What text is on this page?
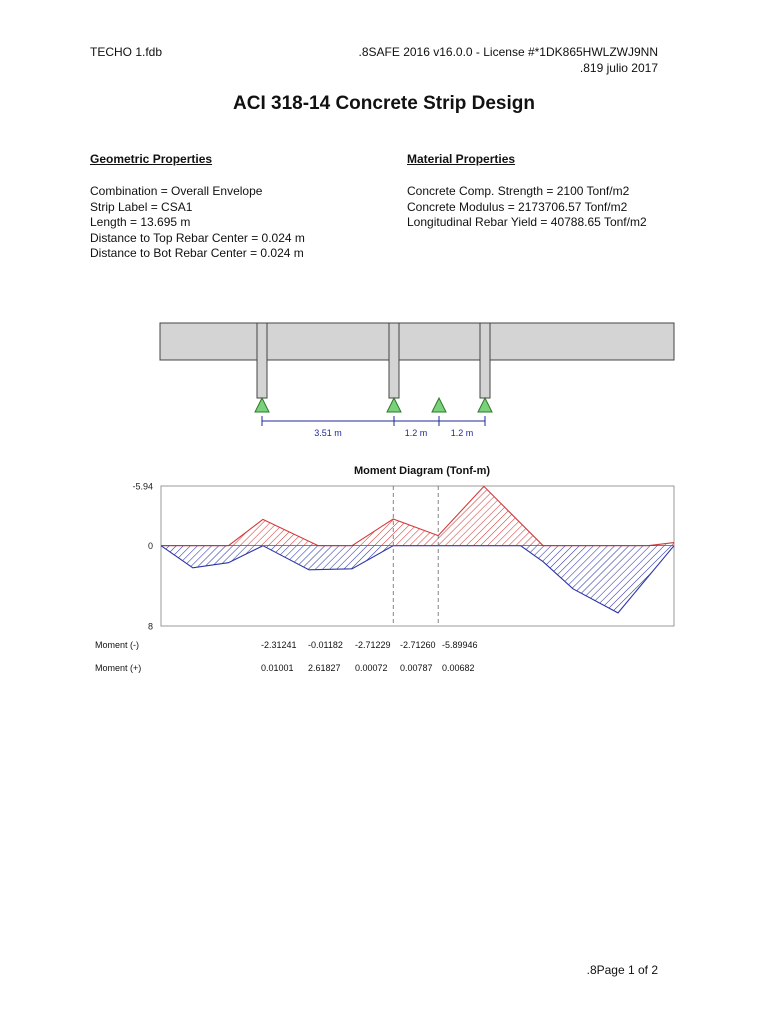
TECHO 1.fdb	.8SAFE 2016 v16.0.0 - License #*1DK865HWLZWJ9NN
.819 julio 2017
ACI 318-14 Concrete Strip Design
Geometric Properties
Combination = Overall Envelope
Strip Label = CSA1
Length = 13.695 m
Distance to Top Rebar Center = 0.024 m
Distance to Bot Rebar Center = 0.024 m
Material Properties
Concrete Comp. Strength = 2100 Tonf/m2
Concrete Modulus = 2173706.57 Tonf/m2
Longitudinal Rebar Yield = 40788.65 Tonf/m2
3.51 m	1.2 m	1.2 m
Moment Diagram (Tonf-m)
-5.94
0
8
Moment (-)	-2.31241 -0.01182 -2.71229 -2.71260 -5.89946
Moment (+)	0.01001 2.61827 0.00072 0.00787 0.00682
.8Page 1 of 2
